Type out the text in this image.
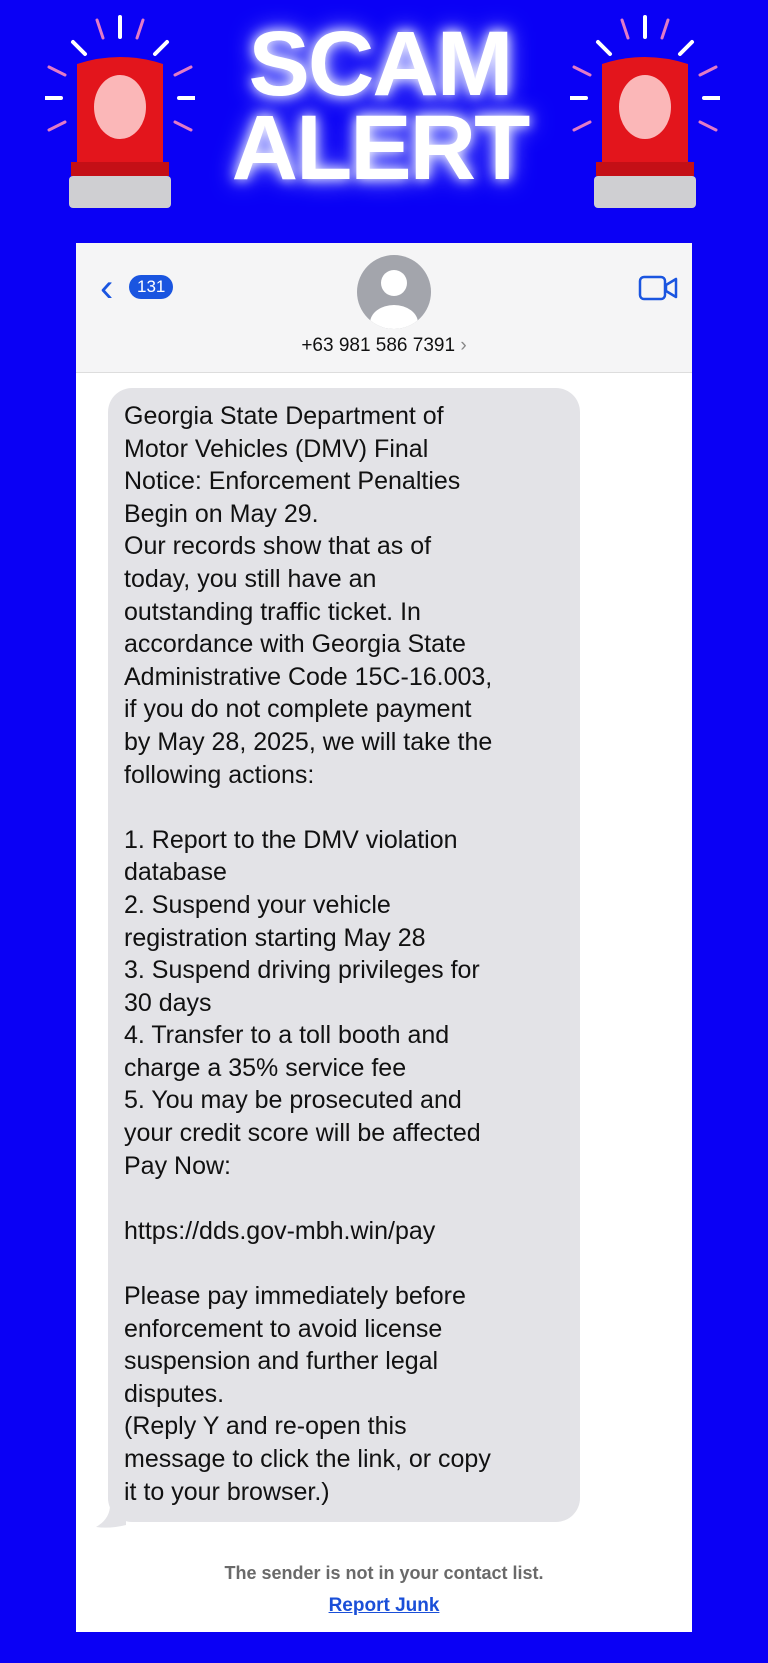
SCAM
ALERT
‹	131
+63 981 586 7391 ›
Georgia State Department of
Motor Vehicles (DMV) Final
Notice: Enforcement Penalties
Begin on May 29.
Our records show that as of
today, you still have an
outstanding traffic ticket. In
accordance with Georgia State
Administrative Code 15C-16.003,
if you do not complete payment
by May 28, 2025, we will take the
following actions:

1. Report to the DMV violation
database
2. Suspend your vehicle
registration starting May 28
3. Suspend driving privileges for
30 days
4. Transfer to a toll booth and
charge a 35% service fee
5. You may be prosecuted and
your credit score will be affected
Pay Now:

https://dds.gov-mbh.win/pay

Please pay immediately before
enforcement to avoid license
suspension and further legal
disputes.
(Reply Y and re-open this
message to click the link, or copy
it to your browser.)
The sender is not in your contact list.
Report Junk
